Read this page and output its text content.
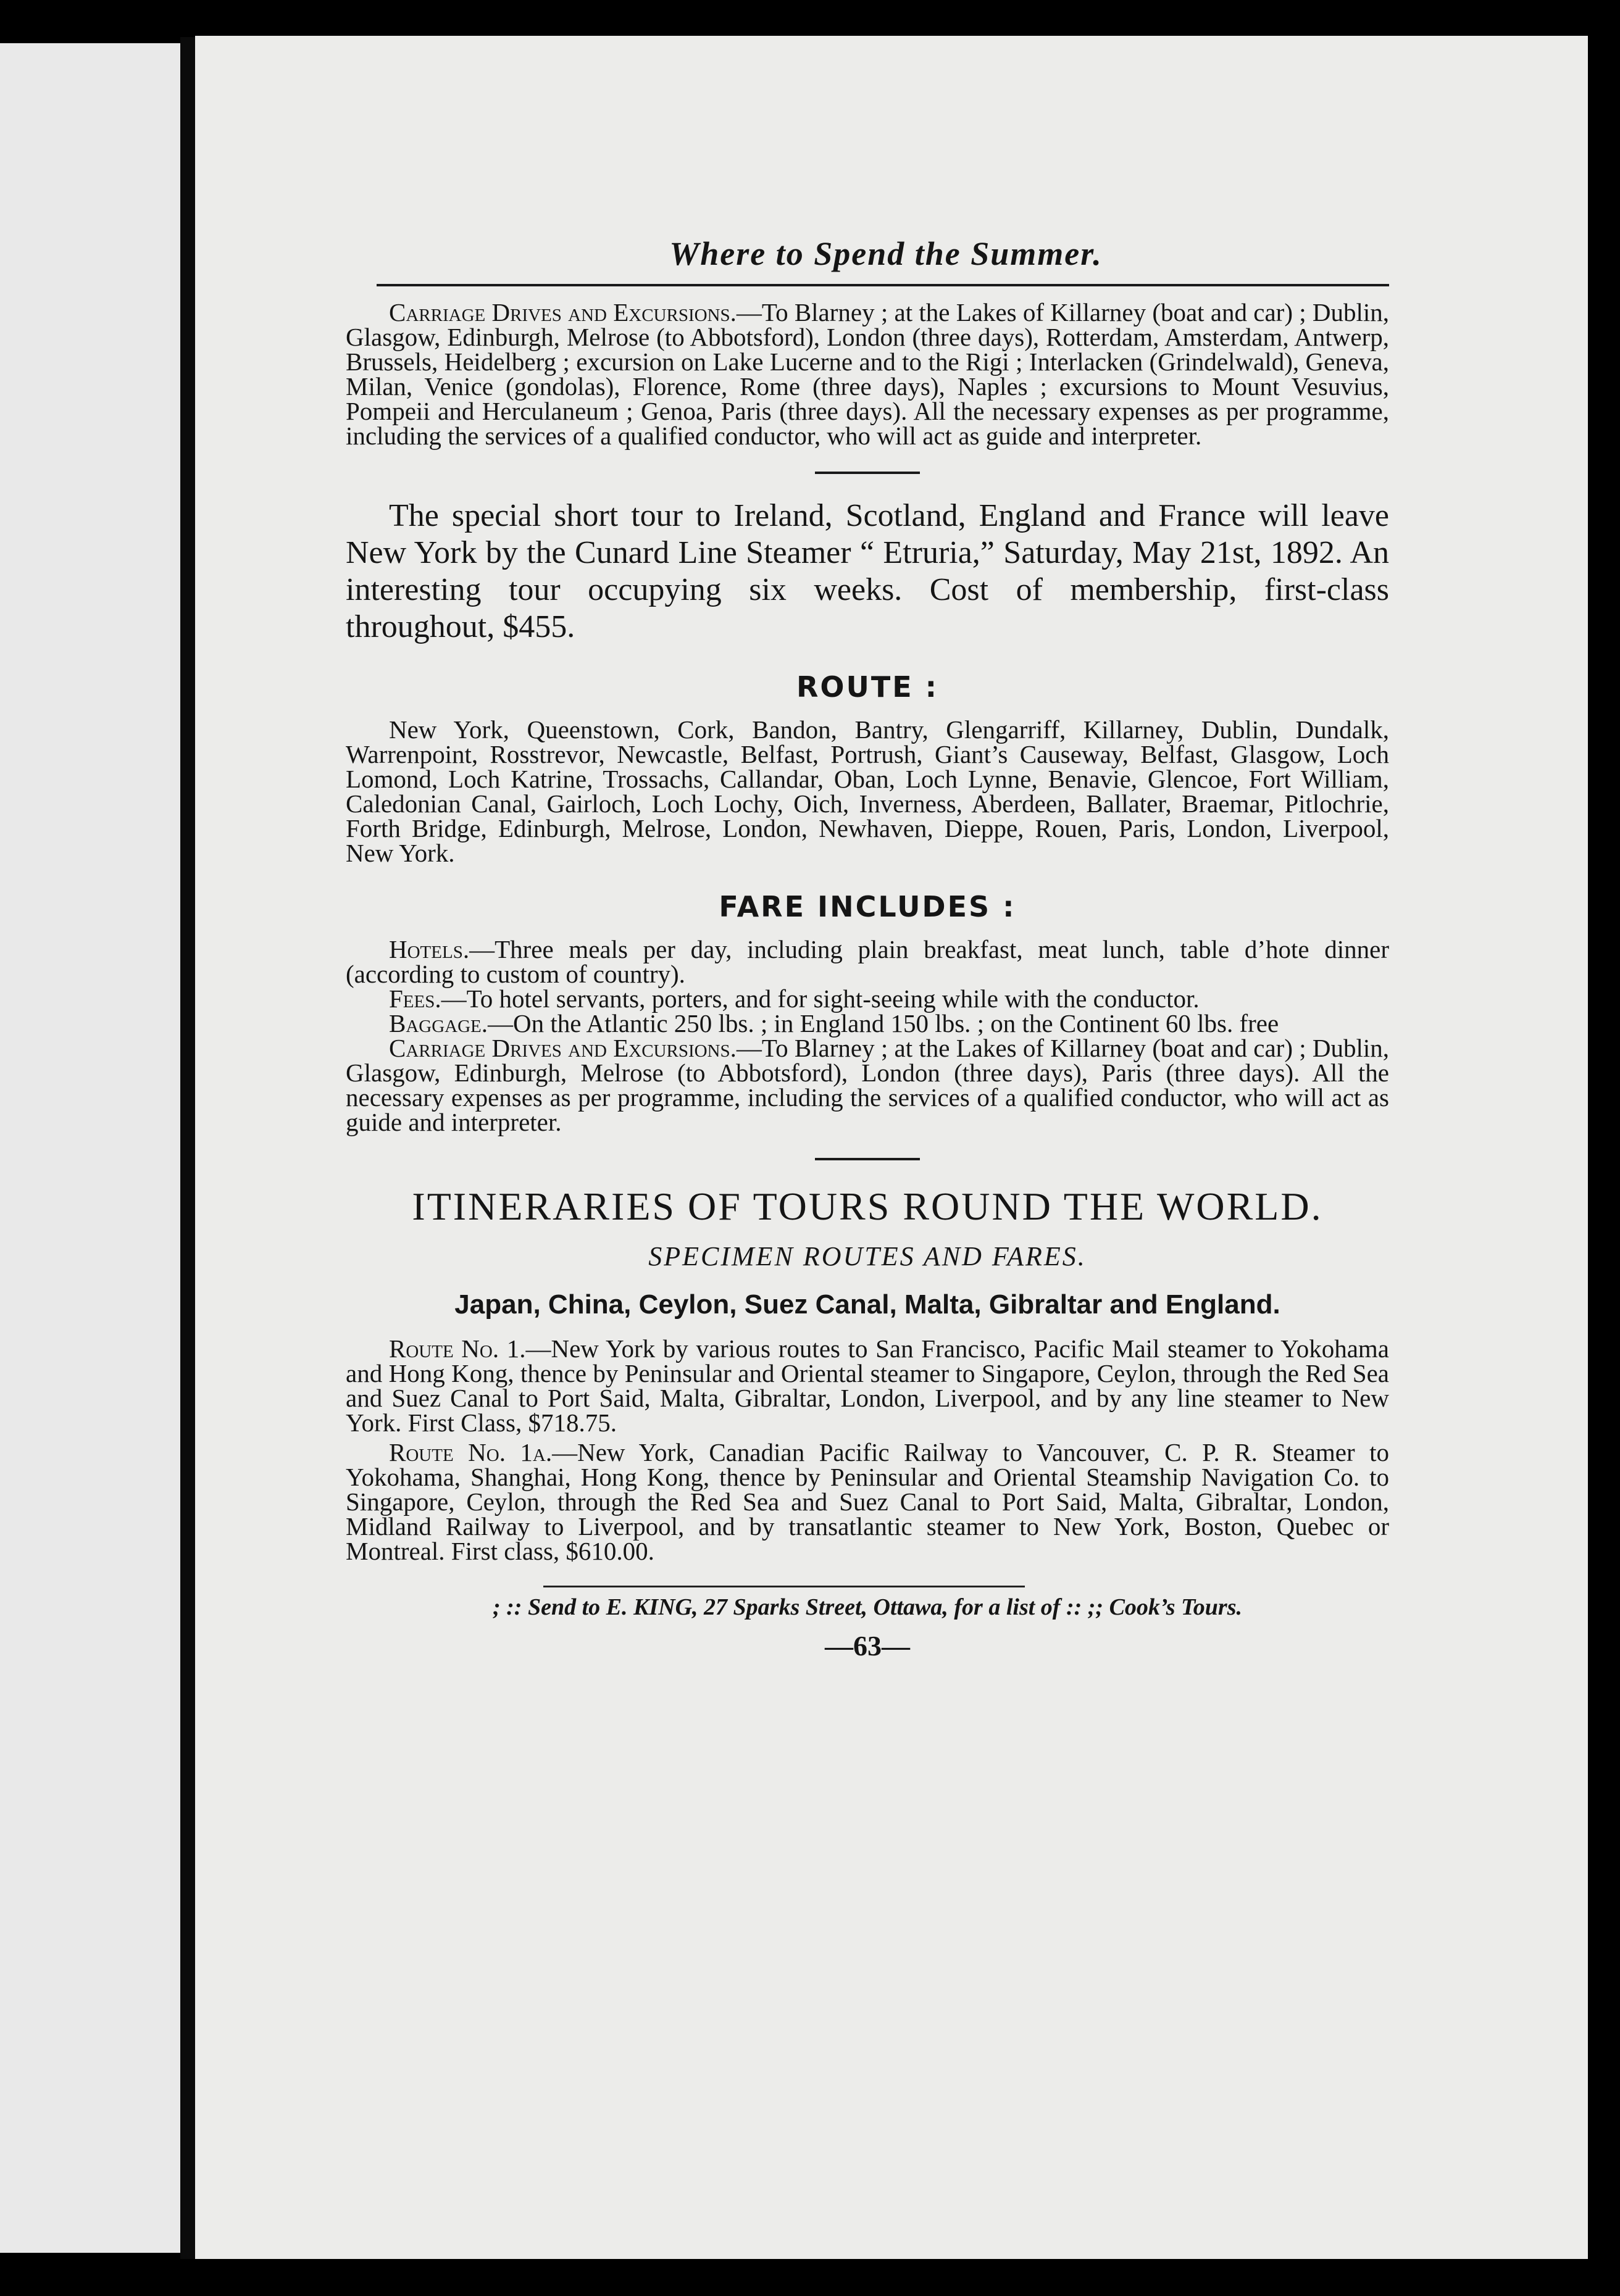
Where to Spend the Summer.

Carriage Drives and Excursions.—To Blarney ; at the Lakes of Killarney (boat and car) ; Dublin, Glasgow, Edinburgh, Melrose (to Abbotsford), London (three days), Rotterdam, Amsterdam, Antwerp, Brussels, Heidelberg ; excursion on Lake Lucerne and to the Rigi ; Interlacken (Grindelwald), Geneva, Milan, Venice (gondolas), Florence, Rome (three days), Naples ; excursions to Mount Vesuvius, Pompeii and Herculaneum ; Genoa, Paris (three days). All the necessary expenses as per programme, including the services of a qualified conductor, who will act as guide and interpreter.

The special short tour to Ireland, Scotland, England and France will leave New York by the Cunard Line Steamer “ Etruria,” Saturday, May 21st, 1892. An interesting tour occupying six weeks. Cost of membership, first-class throughout, $455.

ROUTE :

New York, Queenstown, Cork, Bandon, Bantry, Glengarriff, Killarney, Dublin, Dundalk, Warrenpoint, Rosstrevor, Newcastle, Belfast, Portrush, Giant’s Causeway, Belfast, Glasgow, Loch Lomond, Loch Katrine, Trossachs, Callandar, Oban, Loch Lynne, Benavie, Glencoe, Fort William, Caledonian Canal, Gairloch, Loch Lochy, Oich, Inverness, Aberdeen, Ballater, Braemar, Pitlochrie, Forth Bridge, Edinburgh, Melrose, London, Newhaven, Dieppe, Rouen, Paris, London, Liverpool, New York.

FARE INCLUDES :

Hotels.—Three meals per day, including plain breakfast, meat lunch, table d’hote dinner (according to custom of country).

Fees.—To hotel servants, porters, and for sight-seeing while with the conductor.

Baggage.—On the Atlantic 250 lbs. ; in England 150 lbs. ; on the Continent 60 lbs. free

Carriage Drives and Excursions.—To Blarney ; at the Lakes of Killarney (boat and car) ; Dublin, Glasgow, Edinburgh, Melrose (to Abbotsford), London (three days), Paris (three days). All the necessary expenses as per programme, including the services of a qualified conductor, who will act as guide and interpreter.

ITINERARIES OF TOURS ROUND THE WORLD.
SPECIMEN ROUTES AND FARES.
Japan, China, Ceylon, Suez Canal, Malta, Gibraltar and England.

Route No. 1.—New York by various routes to San Francisco, Pacific Mail steamer to Yokohama and Hong Kong, thence by Peninsular and Oriental steamer to Singapore, Ceylon, through the Red Sea and Suez Canal to Port Said, Malta, Gibraltar, London, Liverpool, and by any line steamer to New York. First Class, $718.75.

Route No. 1a.—New York, Canadian Pacific Railway to Vancouver, C. P. R. Steamer to Yokohama, Shanghai, Hong Kong, thence by Peninsular and Oriental Steamship Navigation Co. to Singapore, Ceylon, through the Red Sea and Suez Canal to Port Said, Malta, Gibraltar, London, Midland Railway to Liverpool, and by transatlantic steamer to New York, Boston, Quebec or Montreal. First class, $610.00.

; :: Send to E. KING, 27 Sparks Street, Ottawa, for a list of :: ;; Cook’s Tours.
—63—
